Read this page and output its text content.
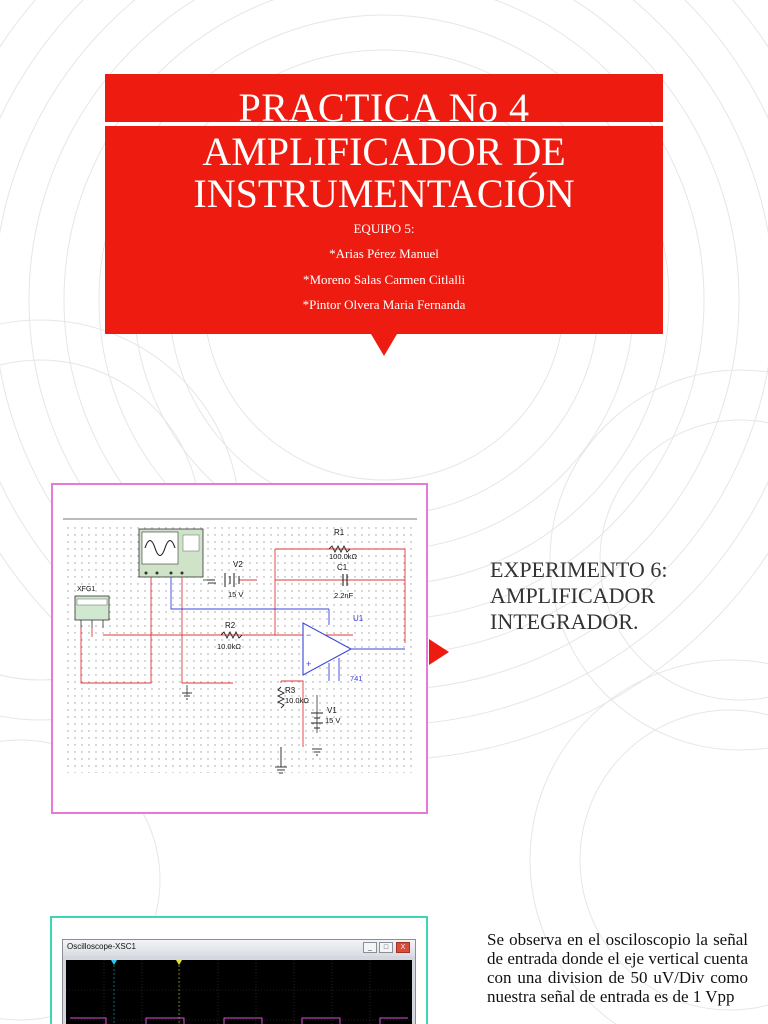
PRACTICA No 4
AMPLIFICADOR DE
INSTRUMENTACIÓN
EQUIPO 5:
*Arias Pérez Manuel
*Moreno Salas Carmen Citlalli
*Pintor Olvera Maria Fernanda
XFG1
R1
100.0kΩ
C1
2.2nF
V2
15 V
R2
10.0kΩ
−
+
U1
741
R3
10.0kΩ
V1
15 V
EXPERIMENTO 6: AMPLIFICADOR INTEGRADOR.
Oscilloscope-XSC1	_	□	X	Se observa en el osciloscopio la señal de entrada donde el eje vertical cuenta con una division de 50 uV/Div como nuestra señal de entrada es de 1 Vpp
